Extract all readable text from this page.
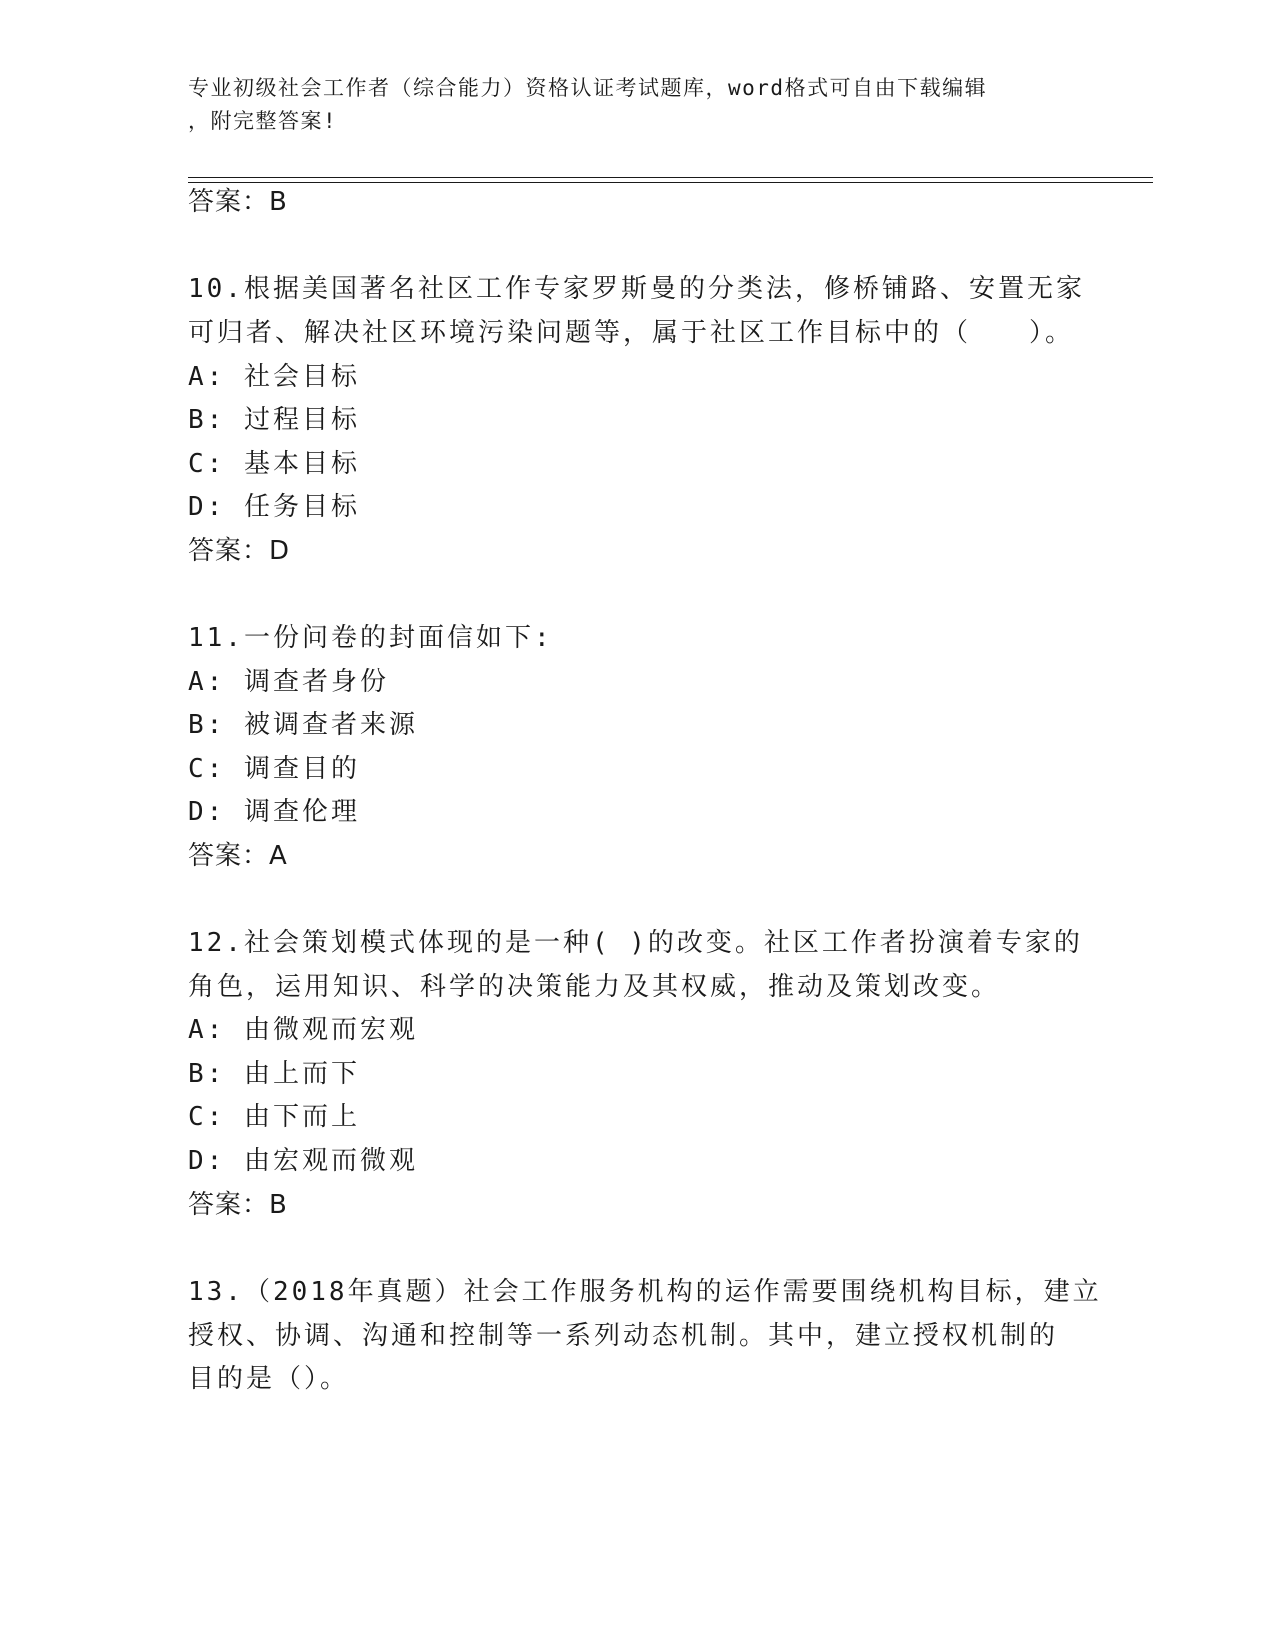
专业初级社会工作者（综合能力）资格认证考试题库，word格式可自由下载编辑
，附完整答案!
答案：B
10.根据美国著名社区工作专家罗斯曼的分类法，修桥铺路、安置无家
可归者、解决社区环境污染问题等，属于社区工作目标中的（　　）。
A: 社会目标
B: 过程目标
C: 基本目标
D: 任务目标
答案：D
11.一份问卷的封面信如下:
A: 调查者身份
B: 被调查者来源
C: 调查目的
D: 调查伦理
答案：A
12.社会策划模式体现的是一种( )的改变。社区工作者扮演着专家的
角色，运用知识、科学的决策能力及其权威，推动及策划改变。
A: 由微观而宏观
B: 由上而下
C: 由下而上
D: 由宏观而微观
答案：B
13.（2018年真题）社会工作服务机构的运作需要围绕机构目标，建立
授权、协调、沟通和控制等一系列动态机制。其中，建立授权机制的
目的是（）。
